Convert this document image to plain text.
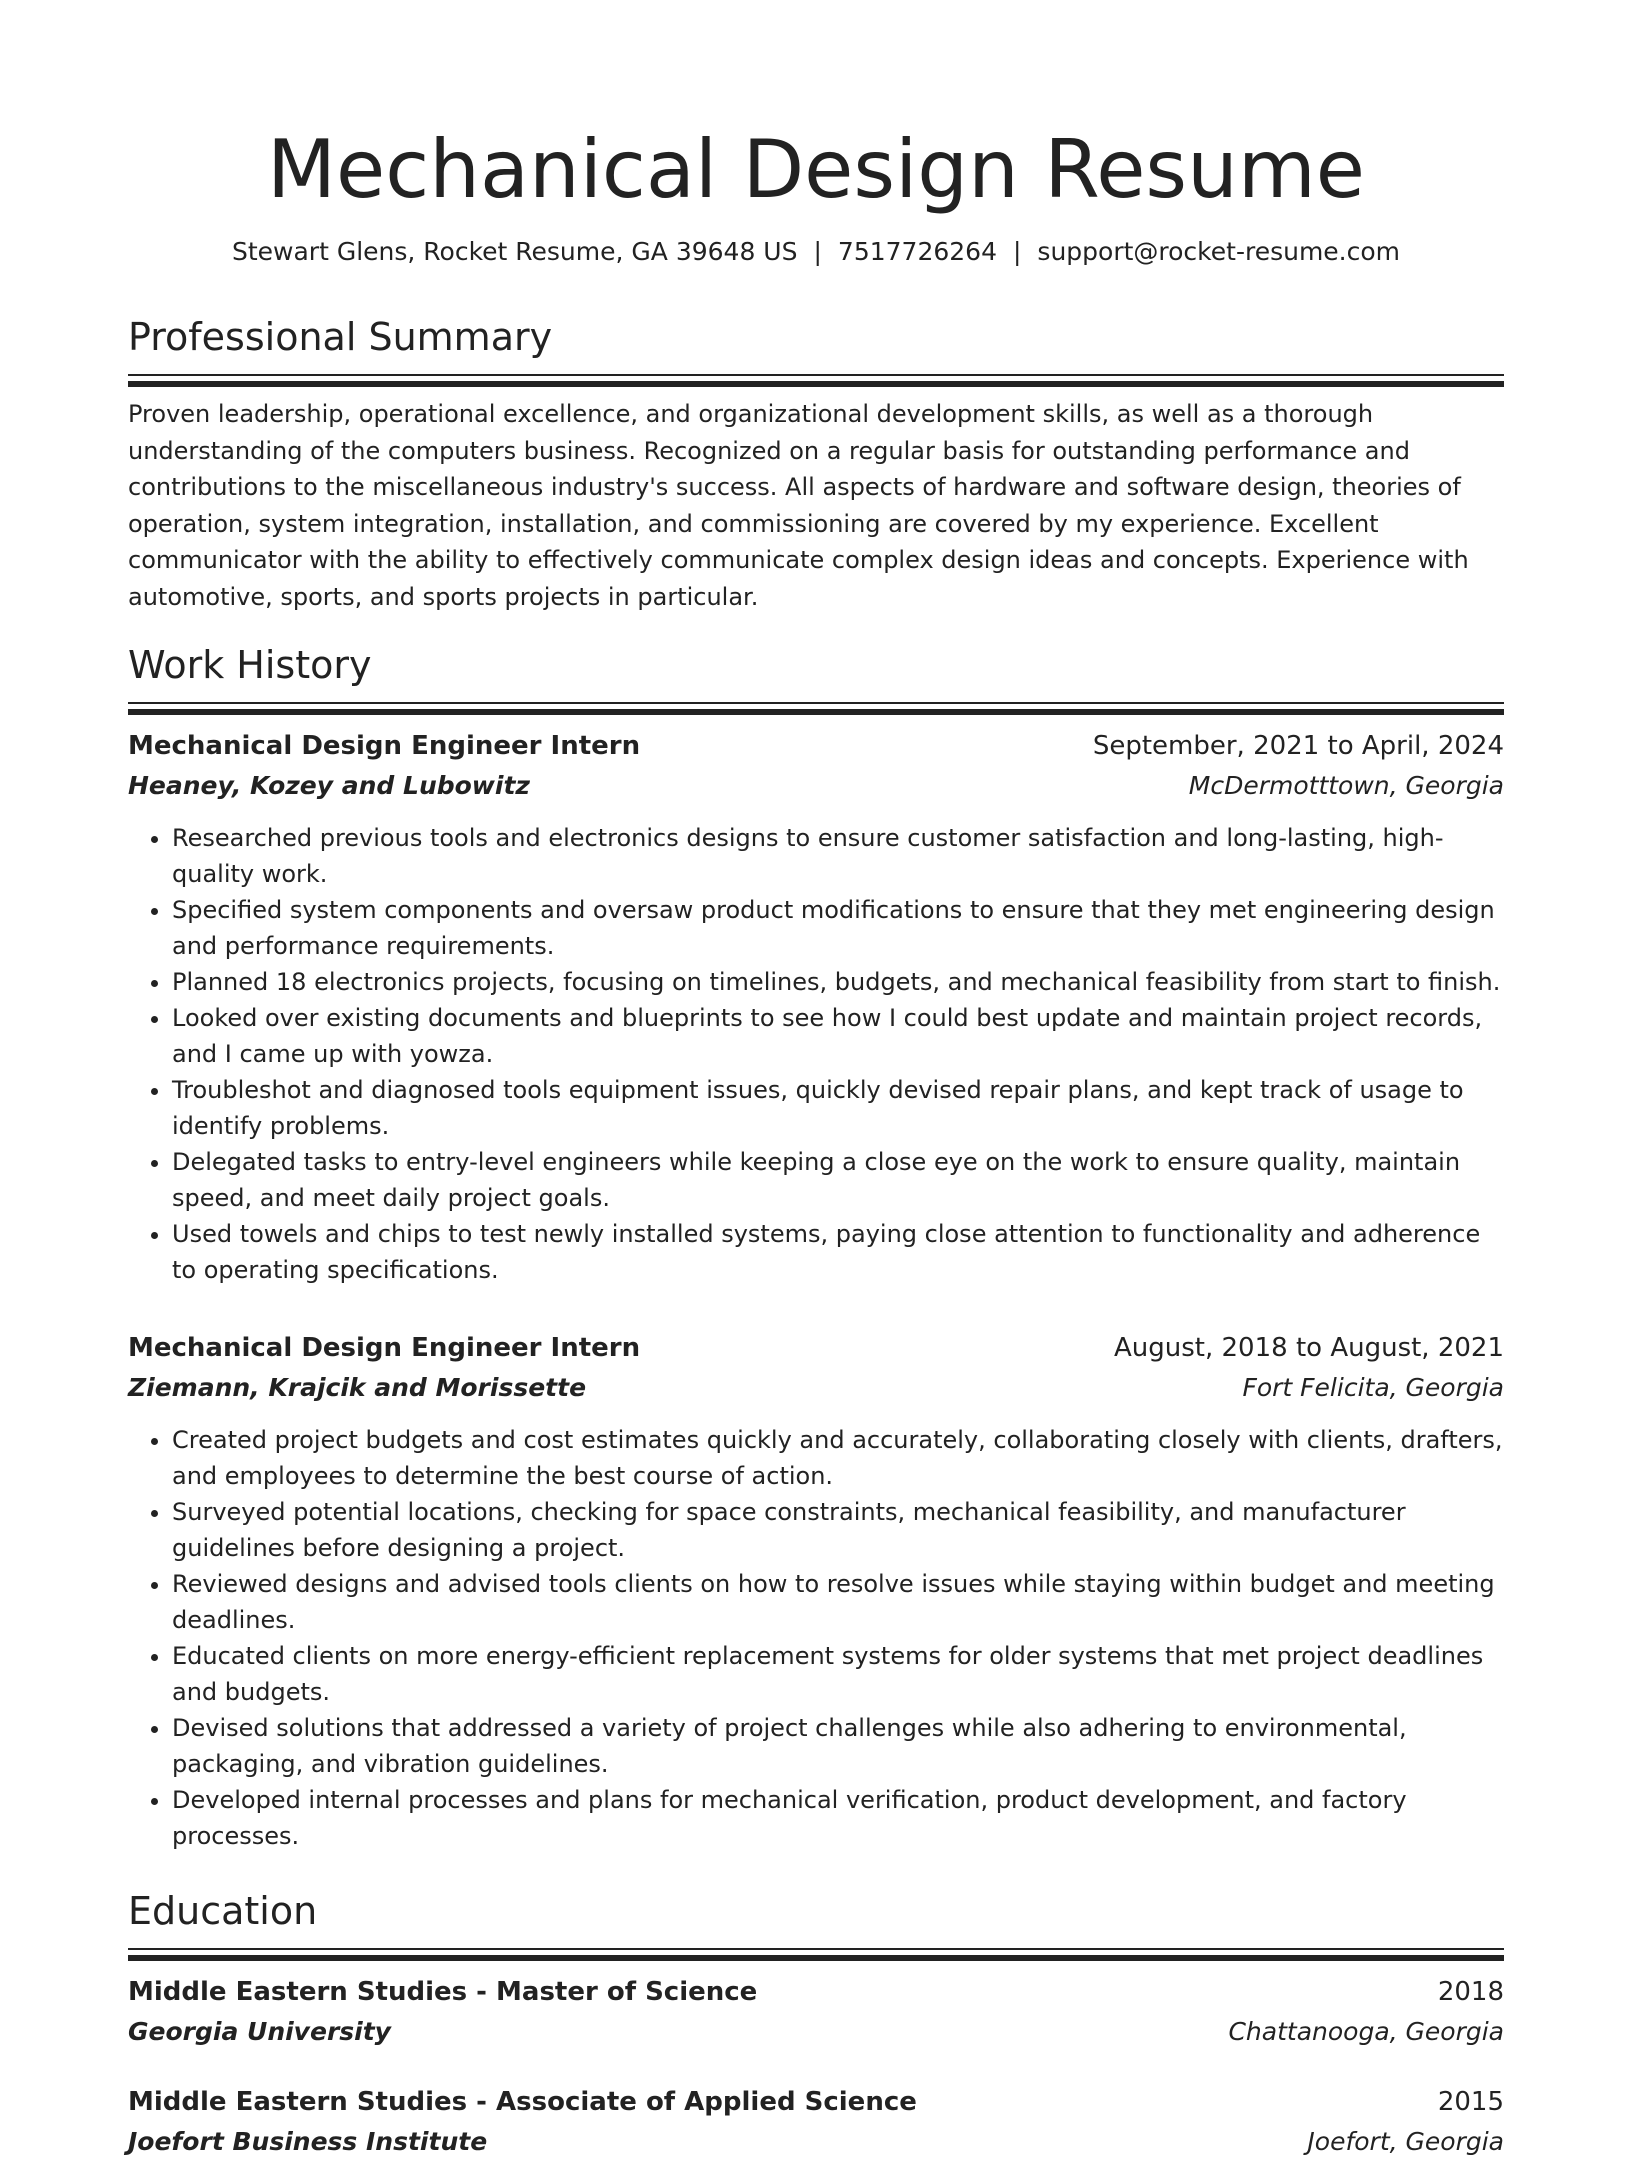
Mechanical Design Resume
Stewart Glens, Rocket Resume, GA 39648 US | 7517726264 | support@rocket-resume.com
Professional Summary

Proven leadership, operational excellence, and organizational development skills, as well as a thorough understanding of the computers business. Recognized on a regular basis for outstanding performance and contributions to the miscellaneous industry's success. All aspects of hardware and software design, theories of operation, system integration, installation, and commissioning are covered by my experience. Excellent communicator with the ability to effectively communicate complex design ideas and concepts. Experience with automotive, sports, and sports projects in particular.

Work History
Mechanical Design Engineer Intern	September, 2021 to April, 2024
Heaney, Kozey and Lubowitz	McDermotttown, Georgia
• Researched previous tools and electronics designs to ensure customer satisfaction and long-lasting, high-quality work.
• Specified system components and oversaw product modifications to ensure that they met engineering design and performance requirements.
• Planned 18 electronics projects, focusing on timelines, budgets, and mechanical feasibility from start to finish.
• Looked over existing documents and blueprints to see how I could best update and maintain project records, and I came up with yowza.
• Troubleshot and diagnosed tools equipment issues, quickly devised repair plans, and kept track of usage to identify problems.
• Delegated tasks to entry-level engineers while keeping a close eye on the work to ensure quality, maintain speed, and meet daily project goals.
• Used towels and chips to test newly installed systems, paying close attention to functionality and adherence to operating specifications.
Mechanical Design Engineer Intern	August, 2018 to August, 2021
Ziemann, Krajcik and Morissette	Fort Felicita, Georgia
• Created project budgets and cost estimates quickly and accurately, collaborating closely with clients, drafters, and employees to determine the best course of action.
• Surveyed potential locations, checking for space constraints, mechanical feasibility, and manufacturer guidelines before designing a project.
• Reviewed designs and advised tools clients on how to resolve issues while staying within budget and meeting deadlines.
• Educated clients on more energy-efficient replacement systems for older systems that met project deadlines and budgets.
• Devised solutions that addressed a variety of project challenges while also adhering to environmental, packaging, and vibration guidelines.
• Developed internal processes and plans for mechanical verification, product development, and factory processes.
Education
Middle Eastern Studies - Master of Science	2018
Georgia University	Chattanooga, Georgia
Middle Eastern Studies - Associate of Applied Science	2015
Joefort Business Institute	Joefort, Georgia
